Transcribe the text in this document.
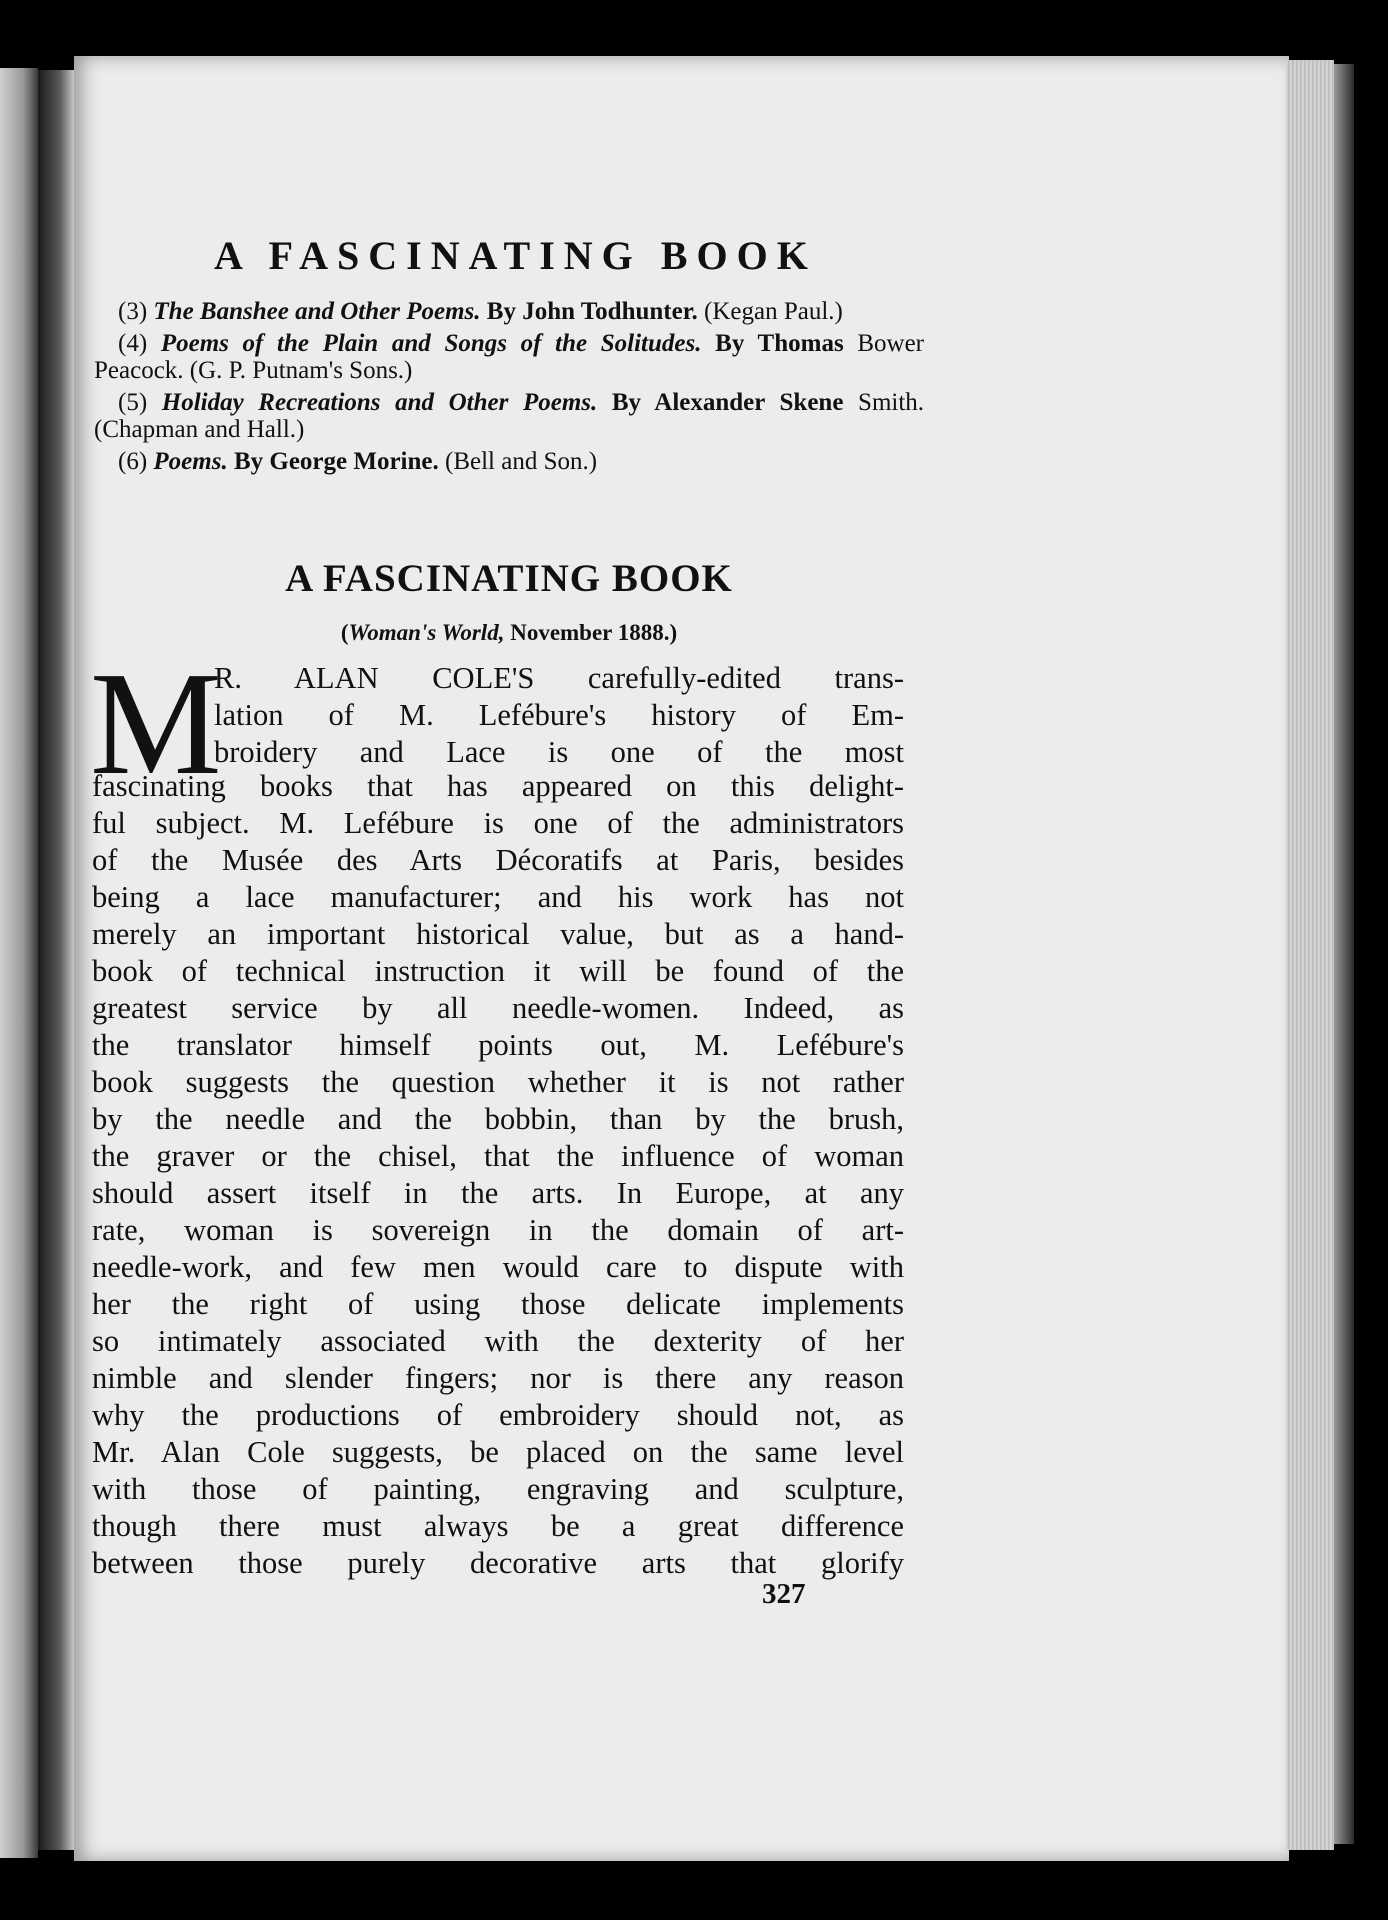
A FASCINATING BOOK

(3) The Banshee and Other Poems. By John Todhunter. (Kegan Paul.)

(4) Poems of the Plain and Songs of the Solitudes. By Thomas Bower Peacock. (G. P. Putnam's Sons.)

(5) Holiday Recreations and Other Poems. By Alexander Skene Smith. (Chapman and Hall.)

(6) Poems. By George Morine. (Bell and Son.)

A FASCINATING BOOK
(Woman's World, November 1888.)
M
R. ALAN COLE'S carefully-edited trans-
lation of M. Lefébure's history of Em-
broidery and Lace is one of the most
fascinating books that has appeared on this delight-
ful subject. M. Lefébure is one of the administrators
of the Musée des Arts Décoratifs at Paris, besides
being a lace manufacturer; and his work has not
merely an important historical value, but as a hand-
book of technical instruction it will be found of the
greatest service by all needle-women. Indeed, as
the translator himself points out, M. Lefébure's
book suggests the question whether it is not rather
by the needle and the bobbin, than by the brush,
the graver or the chisel, that the influence of woman
should assert itself in the arts. In Europe, at any
rate, woman is sovereign in the domain of art-
needle-work, and few men would care to dispute with
her the right of using those delicate implements
so intimately associated with the dexterity of her
nimble and slender fingers; nor is there any reason
why the productions of embroidery should not, as
Mr. Alan Cole suggests, be placed on the same level
with those of painting, engraving and sculpture,
though there must always be a great difference
between those purely decorative arts that glorify
327
